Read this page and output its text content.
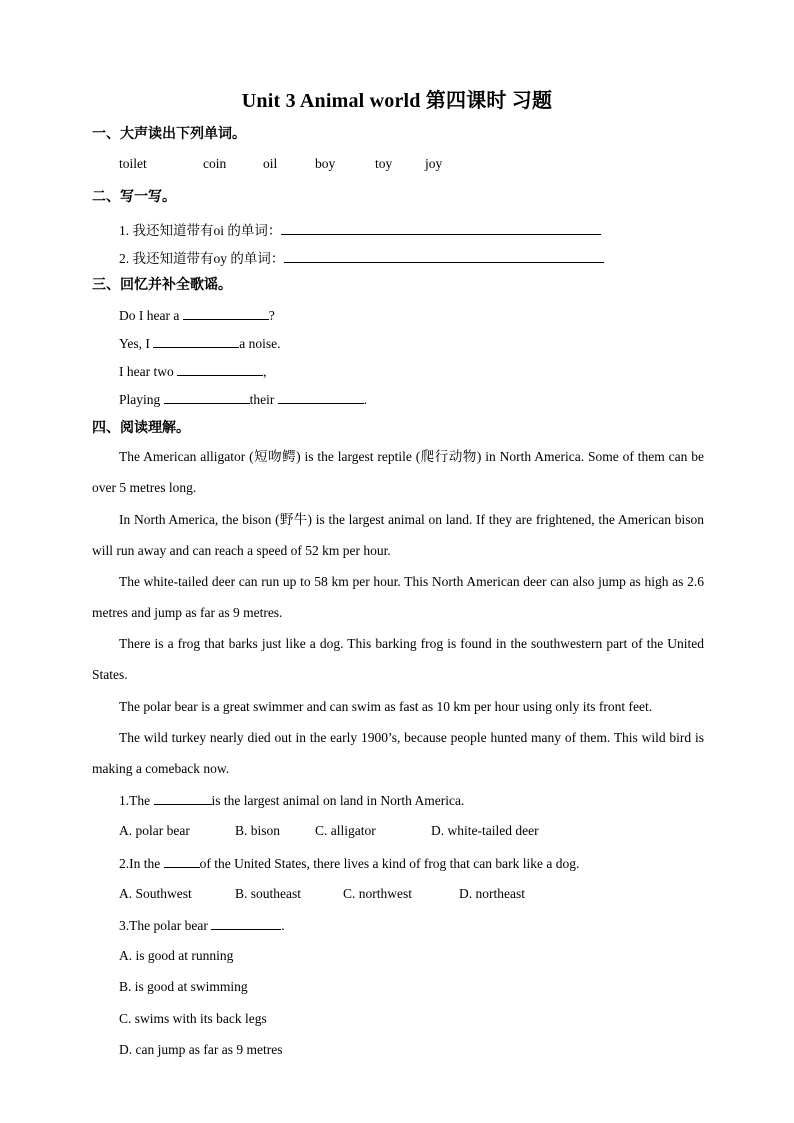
Unit 3 Animal world 第四课时 习题
一、大声读出下列单词。
toilet	coin	oil	boy	toy joy
二、写一写。
1. 我还知道带有oi 的单词：
2. 我还知道带有oy 的单词：
三、回忆并补全歌谣。
Do I hear a	?
Yes, I	a noise.
I hear two	,
Playing	their	.
四、阅读理解。
The American alligator (短吻鳄) is the largest reptile (爬行动物) in North America. Some of them can be over 5 metres long.
In North America, the bison (野牛) is the largest animal on land. If they are frightened, the American bison will run away and can reach a speed of 52 km per hour.
The white-tailed deer can run up to 58 km per hour. This North American deer can also jump as high as 2.6 metres and jump as far as 9 metres.
There is a frog that barks just like a dog. This barking frog is found in the southwestern part of the United States.
The polar bear is a great swimmer and can swim as fast as 10 km per hour using only its front feet.
The wild turkey nearly died out in the early 1900’s, because people hunted many of them. This wild bird is making a comeback now.
1.The	is the largest animal on land in North America.
A. polar bear	B. bison	C. alligator	D. white-tailed deer
2.In the	of the United States, there lives a kind of frog that can bark like a dog.
A. Southwest	B. southeast	C. northwest	D. northeast
3.The polar bear	.
A. is good at running
B. is good at swimming
C. swims with its back legs
D. can jump as far as 9 metres
